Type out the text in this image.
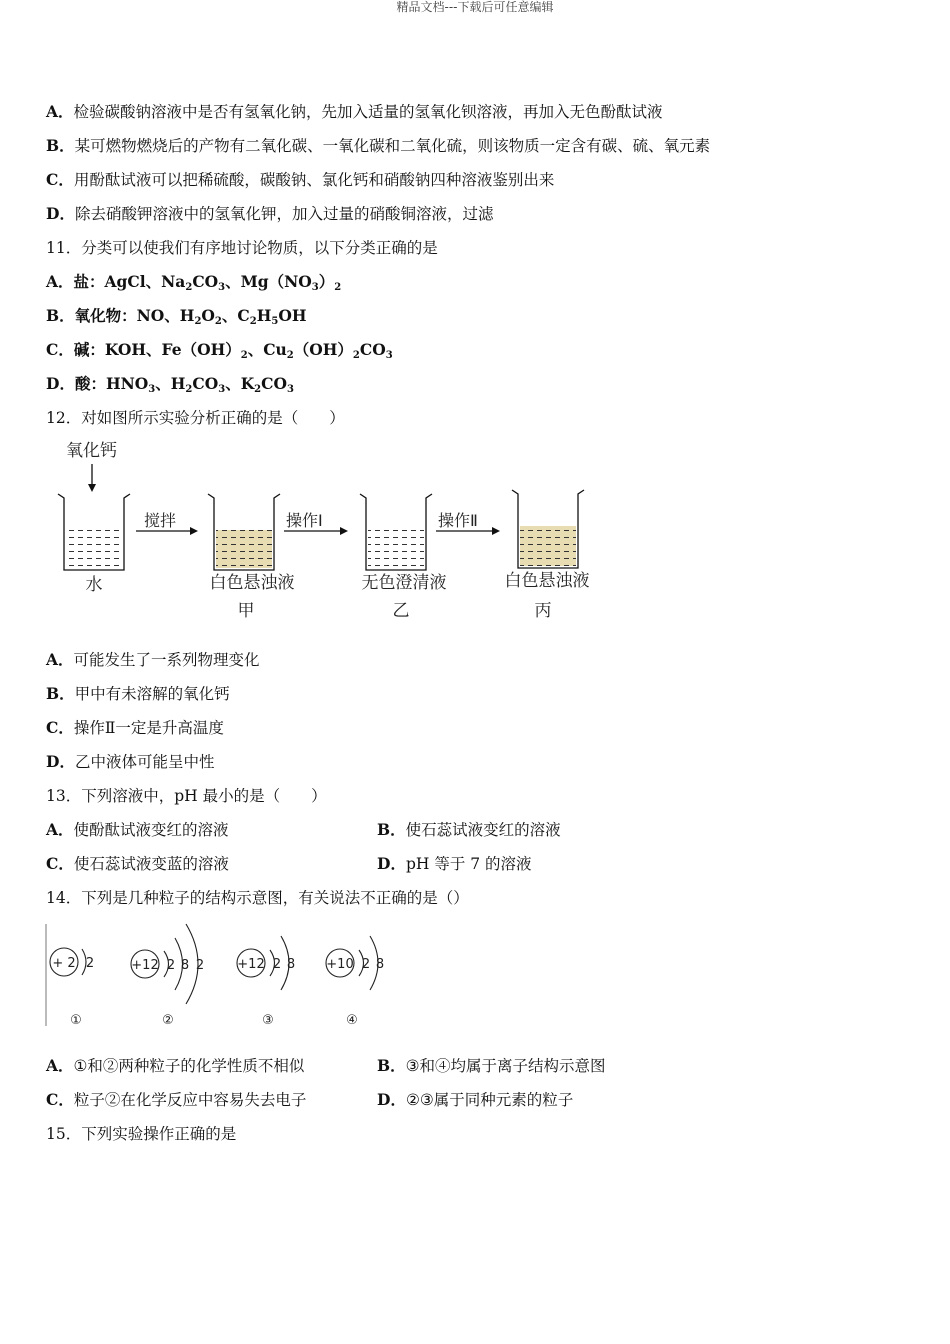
精品文档---下载后可任意编辑
A．检验碳酸钠溶液中是否有氢氧化钠，先加入适量的氢氧化钡溶液，再加入无色酚酞试液
B．某可燃物燃烧后的产物有二氧化碳、一氧化碳和二氧化硫，则该物质一定含有碳、硫、氧元素
C．用酚酞试液可以把稀硫酸，碳酸钠、氯化钙和硝酸钠四种溶液鉴别出来
D．除去硝酸钾溶液中的氢氧化钾，加入过量的硝酸铜溶液，过滤
11．分类可以使我们有序地讨论物质，以下分类正确的是
A．盐：AgCl、$Na_2CO_3$、$Mg(NO_3)_2$
B．氧化物：NO、$H_2O_2$、$C_2H_5OH$
C．碱：KOH、$Fe(OH)_2$、$Cu_2(OH)_2CO_3$
D．酸：$HNO_3$、$H_2CO_3$、$K_2CO_3$
12．对如图所示实验分析正确的是（　　）
氧化钙
搅拌	操作Ⅰ	操作Ⅱ
水	白色悬浊液
甲
无色澄清液
乙
白色悬浊液
丙
A．可能发生了一系列物理变化
B．甲中有未溶解的氧化钙
C．操作Ⅱ一定是升高温度
D．乙中液体可能呈中性
13．下列溶液中，pH 最小的是（　　）
A．使酚酞试液变红的溶液	B．使石蕊试液变红的溶液
C．使石蕊试液变蓝的溶液	D．pH 等于 7 的溶液
14．下列是几种粒子的结构示意图，有关说法不正确的是（）
+ 2 2
①
+12 2 8 2
②
+12 2 8
③
+10 2 8
④
A．①和②两种粒子的化学性质不相似	B．③和④均属于离子结构示意图
C．粒子②在化学反应中容易失去电子	D．②③属于同种元素的粒子
15．下列实验操作正确的是
